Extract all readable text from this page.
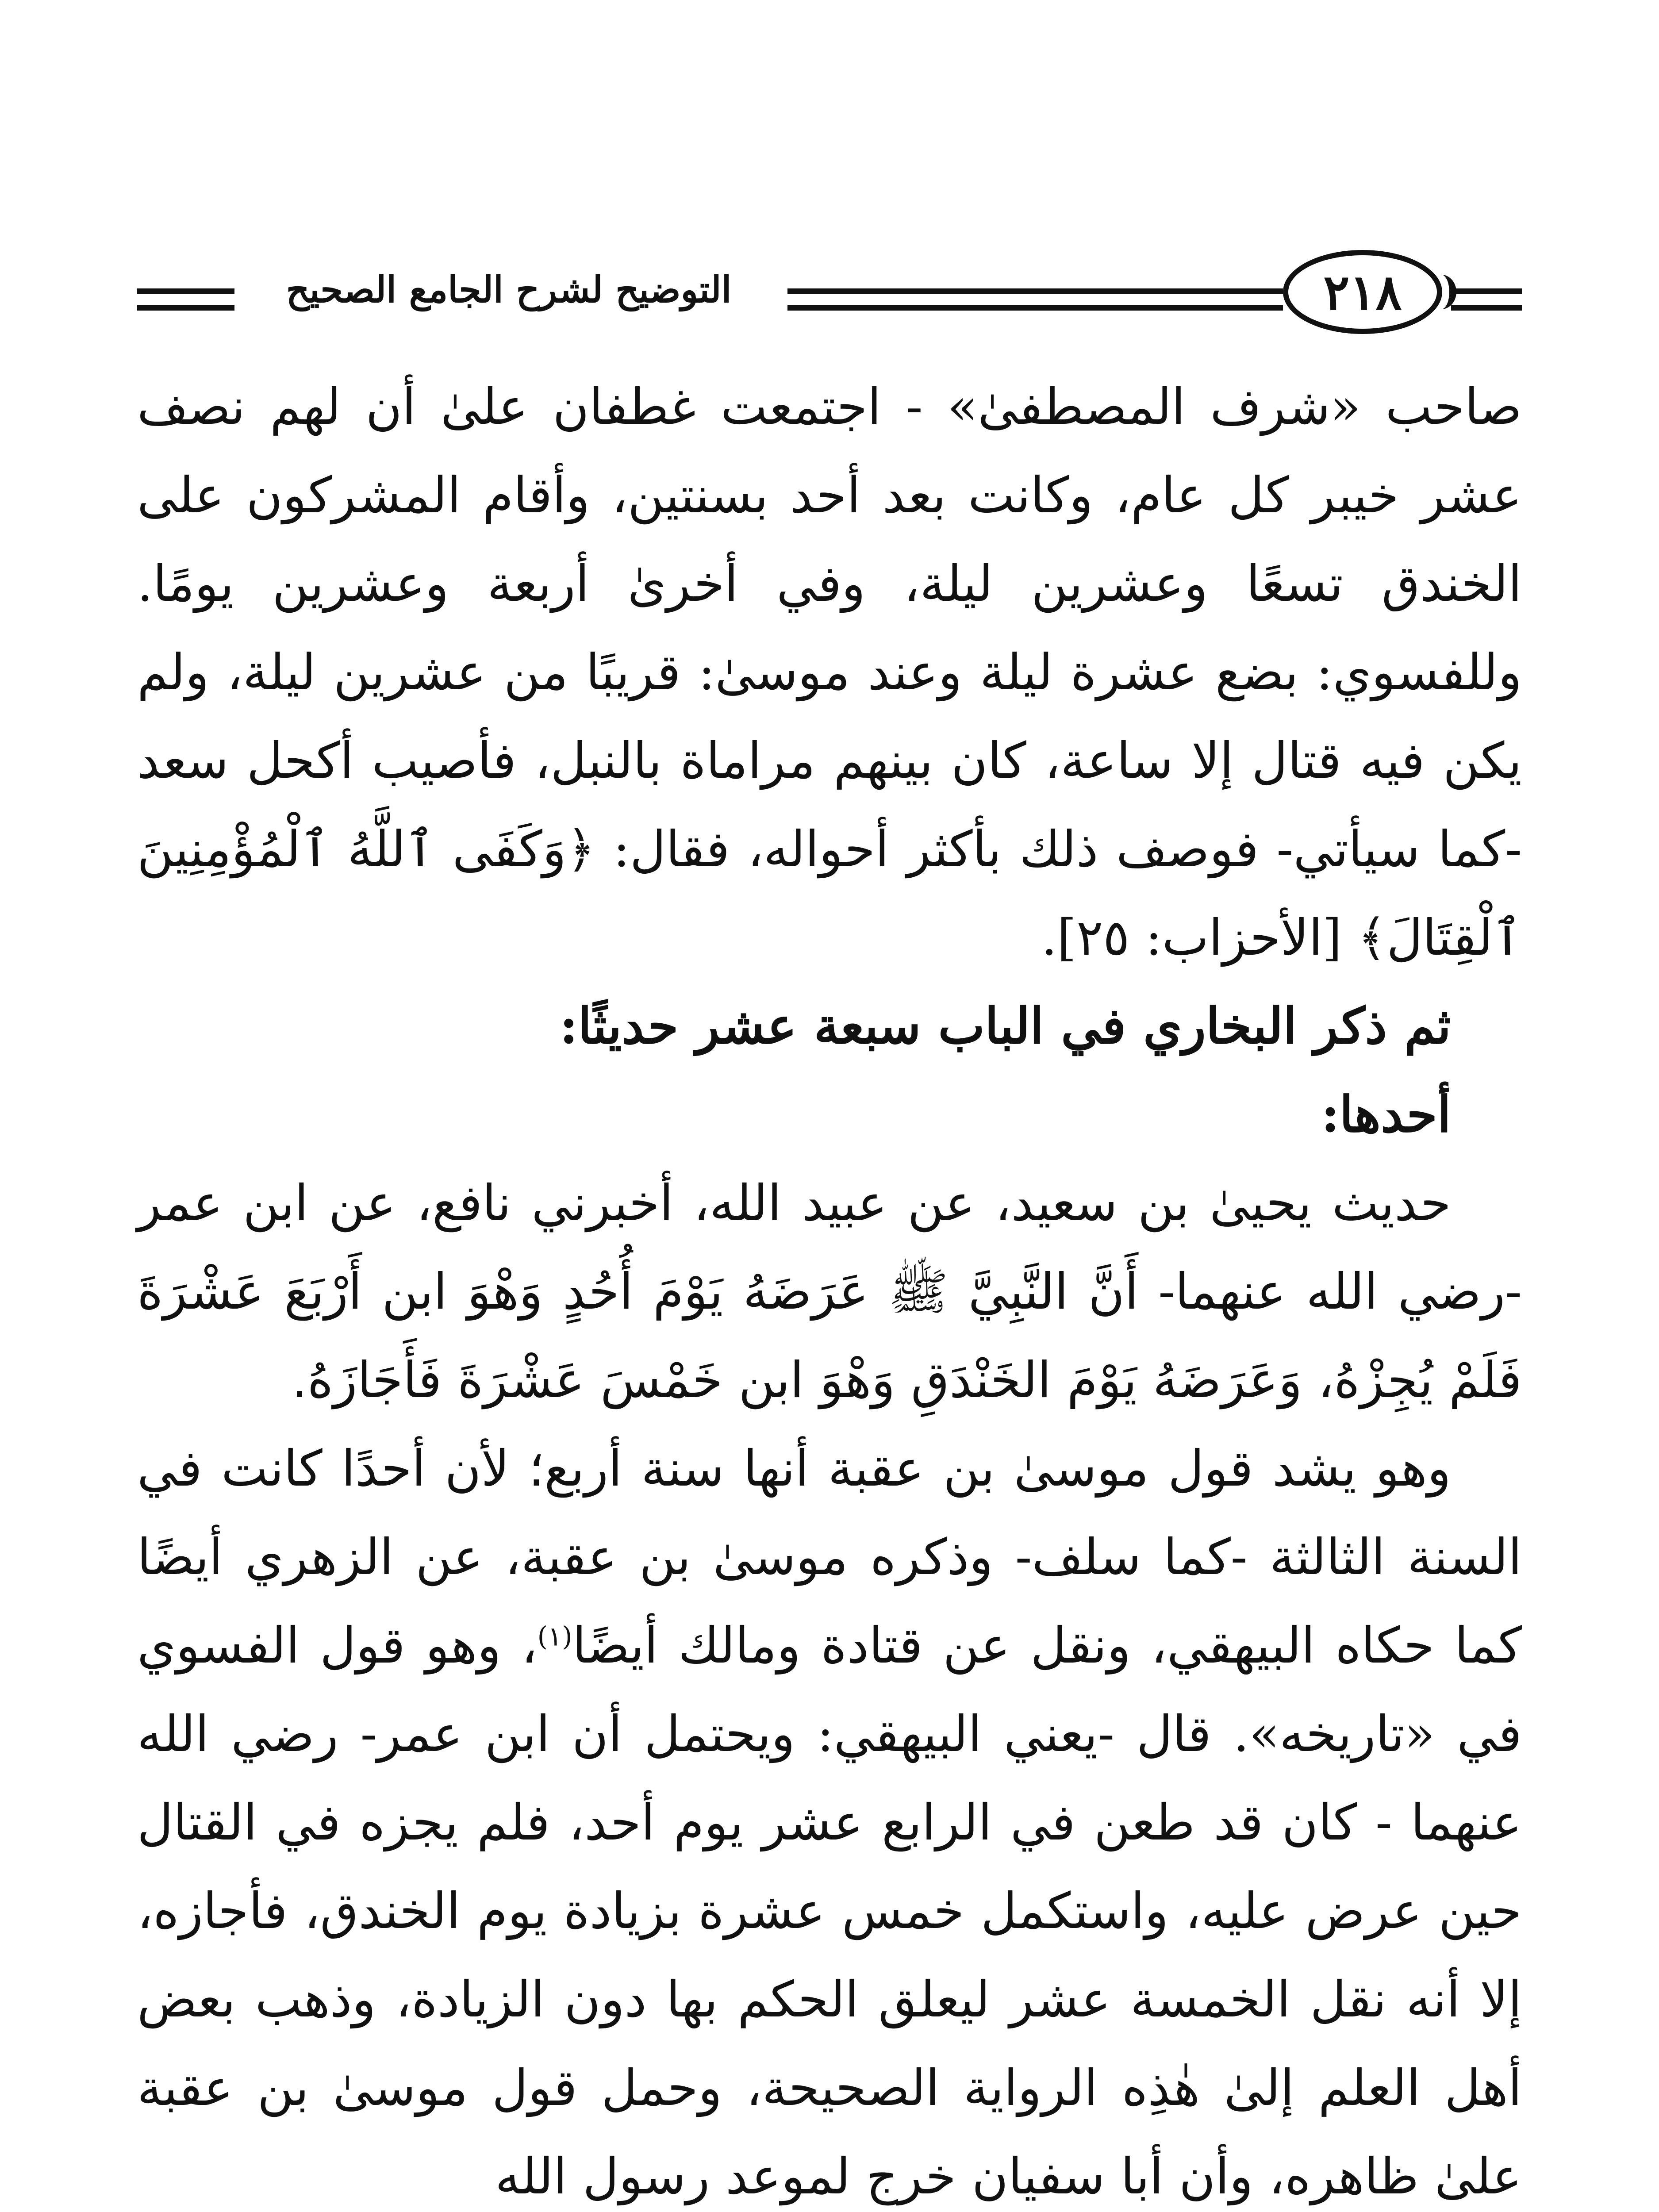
التوضيح لشرح الجامع الصحيح	٢١٨

صاحب «شرف المصطفىٰ» - اجتمعت غطفان علىٰ أن لهم نصف عشر خيبر كل عام، وكانت بعد أحد بسنتين، وأقام المشركون على الخندق تسعًا وعشرين ليلة، وفي أخرىٰ أربعة وعشرين يومًا. وللفسوي: بضع عشرة ليلة وعند موسىٰ: قريبًا من عشرين ليلة، ولم يكن فيه قتال إلا ساعة، كان بينهم مراماة بالنبل، فأصيب أكحل سعد -كما سيأتي- فوصف ذلك بأكثر أحواله، فقال: ﴿وَكَفَى ٱللَّهُ ٱلْمُؤْمِنِينَ ٱلْقِتَالَ﴾ [الأحزاب: ٢٥].

ثم ذكر البخاري في الباب سبعة عشر حديثًا:

أحدها:

حديث يحيىٰ بن سعيد، عن عبيد الله، أخبرني نافع، عن ابن عمر -رضي الله عنهما- أَنَّ النَّبِيَّ ﷺ عَرَضَهُ يَوْمَ أُحُدٍ وَهْوَ ابن أَرْبَعَ عَشْرَةَ فَلَمْ يُجِزْهُ، وَعَرَضَهُ يَوْمَ الخَنْدَقِ وَهْوَ ابن خَمْسَ عَشْرَةَ فَأَجَازَهُ.

وهو يشد قول موسىٰ بن عقبة أنها سنة أربع؛ لأن أحدًا كانت في السنة الثالثة -كما سلف- وذكره موسىٰ بن عقبة، عن الزهري أيضًا كما حكاه البيهقي، ونقل عن قتادة ومالك أيضًا$^{(١)}$، وهو قول الفسوي في «تاريخه». قال -يعني البيهقي: ويحتمل أن ابن عمر- رضي الله عنهما - كان قد طعن في الرابع عشر يوم أحد، فلم يجزه في القتال حين عرض عليه، واستكمل خمس عشرة بزيادة يوم الخندق، فأجازه، إلا أنه نقل الخمسة عشر ليعلق الحكم بها دون الزيادة، وذهب بعض أهل العلم إلىٰ هٰذِه الرواية الصحيحة، وحمل قول موسىٰ بن عقبة علىٰ ظاهره، وأن أبا سفيان خرج لموعد رسول الله
